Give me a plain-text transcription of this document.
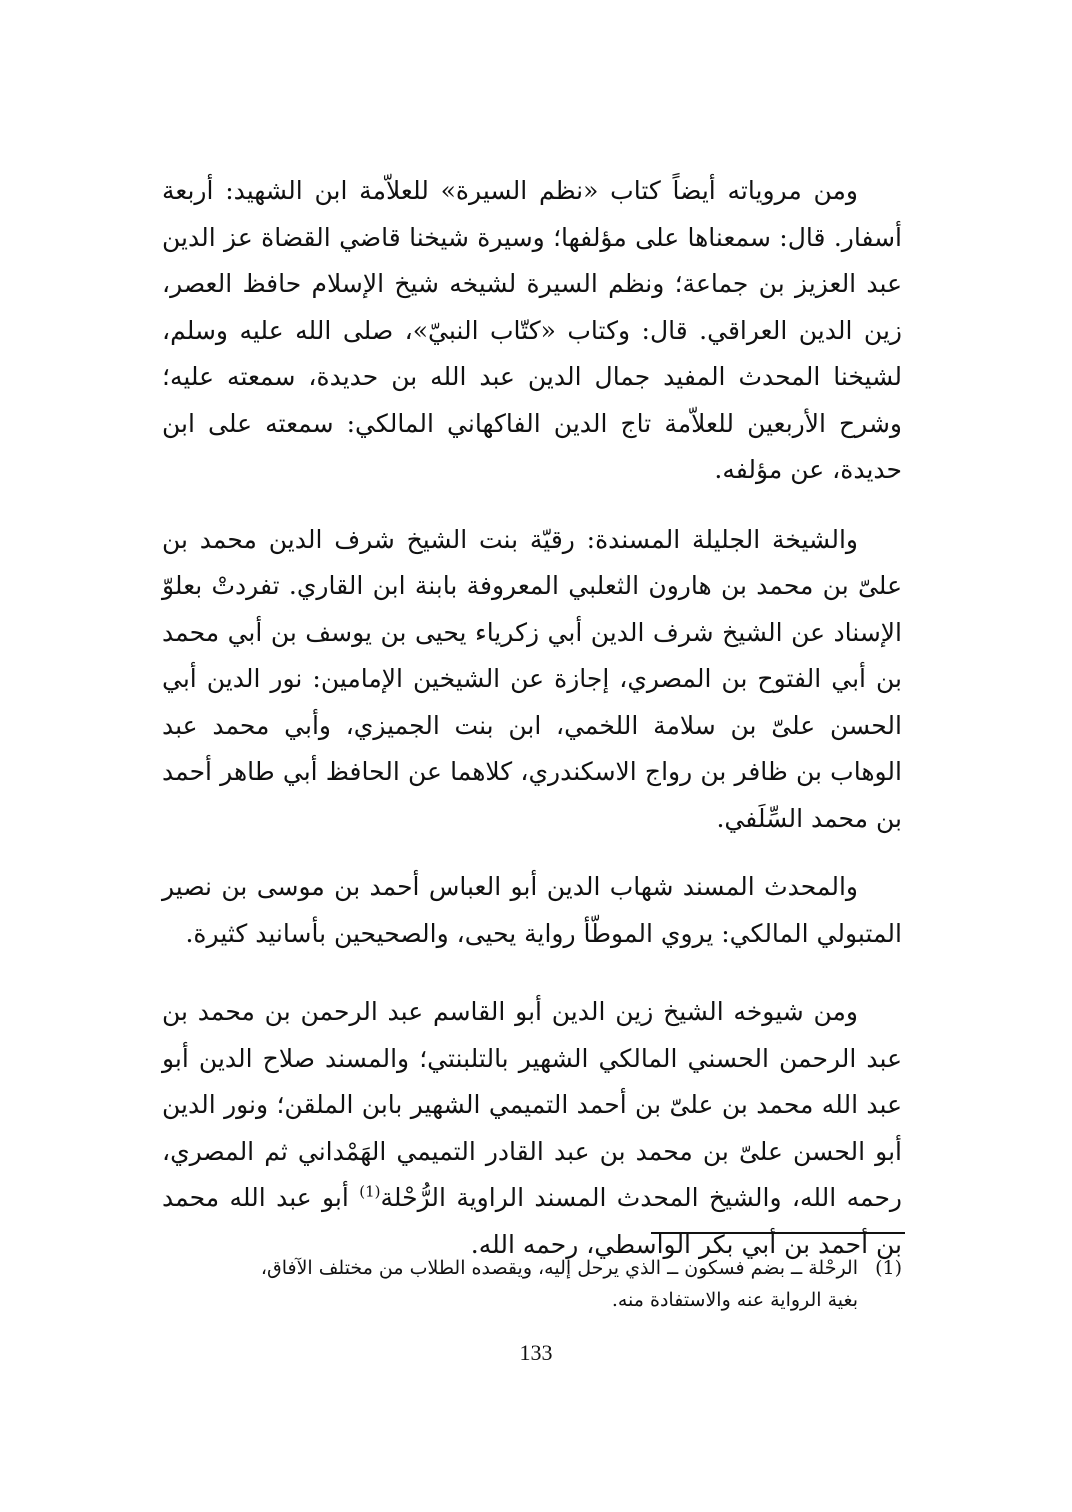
ومن مروياته أيضاً كتاب «نظم السيرة» للعلاّمة ابن الشهيد: أربعة أسفار. قال: سمعناها على مؤلفها؛ وسيرة شيخنا قاضي القضاة عز الدين عبد العزيز بن جماعة؛ ونظم السيرة لشيخه شيخ الإسلام حافظ العصر، زين الدين العراقي. قال: وكتاب «كتّاب النبيّ»، صلى الله عليه وسلم، لشيخنا المحدث المفيد جمال الدين عبد الله بن حديدة، سمعته عليه؛ وشرح الأربعين للعلاّمة تاج الدين الفاكهاني المالكي: سمعته على ابن حديدة، عن مؤلفه.

والشيخة الجليلة المسندة: رقيّة بنت الشيخ شرف الدين محمد بن علىّ بن محمد بن هارون الثعلبي المعروفة بابنة ابن القاري. تفردتْ بعلوّ الإسناد عن الشيخ شرف الدين أبي زكرياء يحيى بن يوسف بن أبي محمد بن أبي الفتوح بن المصري، إجازة عن الشيخين الإمامين: نور الدين أبي الحسن علىّ بن سلامة اللخمي، ابن بنت الجميزي، وأبي محمد عبد الوهاب بن ظافر بن رواج الاسكندري، كلاهما عن الحافظ أبي طاهر أحمد بن محمد السِّلَفي.

والمحدث المسند شهاب الدين أبو العباس أحمد بن موسى بن نصير المتبولي المالكي: يروي الموطّأ رواية يحيى، والصحيحين بأسانيد كثيرة.

ومن شيوخه الشيخ زين الدين أبو القاسم عبد الرحمن بن محمد بن عبد الرحمن الحسني المالكي الشهير بالتلبنتي؛ والمسند صلاح الدين أبو عبد الله محمد بن علىّ بن أحمد التميمي الشهير بابن الملقن؛ ونور الدين أبو الحسن علىّ بن محمد بن عبد القادر التميمي الهَمْداني ثم المصري، رحمه الله، والشيخ المحدث المسند الراوية الرُّحْلة$^{(1)}$ أبو عبد الله محمد بن أحمد بن أبي بكر الواسطي، رحمه الله.

(1)الرحْلة ــ بضم فسكون ــ الذي يرحل إليه، ويقصده الطلاب من مختلف الآفاق،
بغية الرواية عنه والاستفادة منه.
133
